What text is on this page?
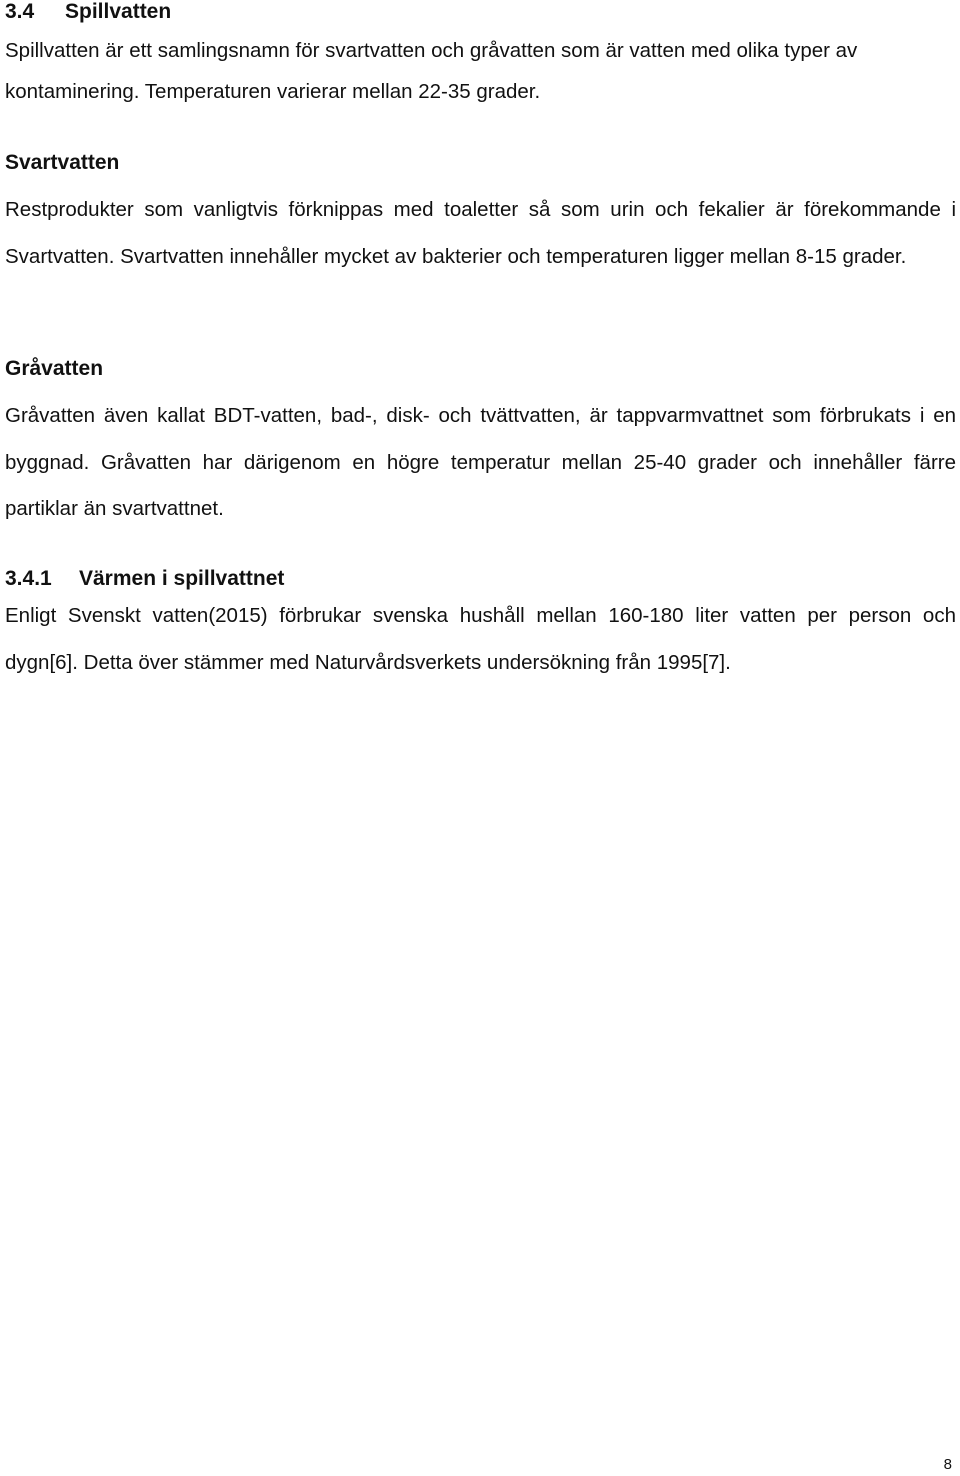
3.4 Spillvatten

Spillvatten är ett samlingsnamn för svartvatten och gråvatten som är vatten med olika typer av kontaminering. Temperaturen varierar mellan 22-35 grader.

Svartvatten

Restprodukter som vanligtvis förknippas med toaletter så som urin och fekalier är förekommande i Svartvatten. Svartvatten innehåller mycket av bakterier och temperaturen ligger mellan 8-15 grader.

Gråvatten

Gråvatten även kallat BDT-vatten, bad-, disk- och tvättvatten, är tappvarmvattnet som förbrukats i en byggnad. Gråvatten har därigenom en högre temperatur mellan 25-40 grader och innehåller färre partiklar än svartvattnet.

3.4.1 Värmen i spillvattnet

Enligt Svenskt vatten(2015) förbrukar svenska hushåll mellan 160-180 liter vatten per person och dygn[6]. Detta över stämmer med Naturvårdsverkets undersökning från 1995[7].

8
